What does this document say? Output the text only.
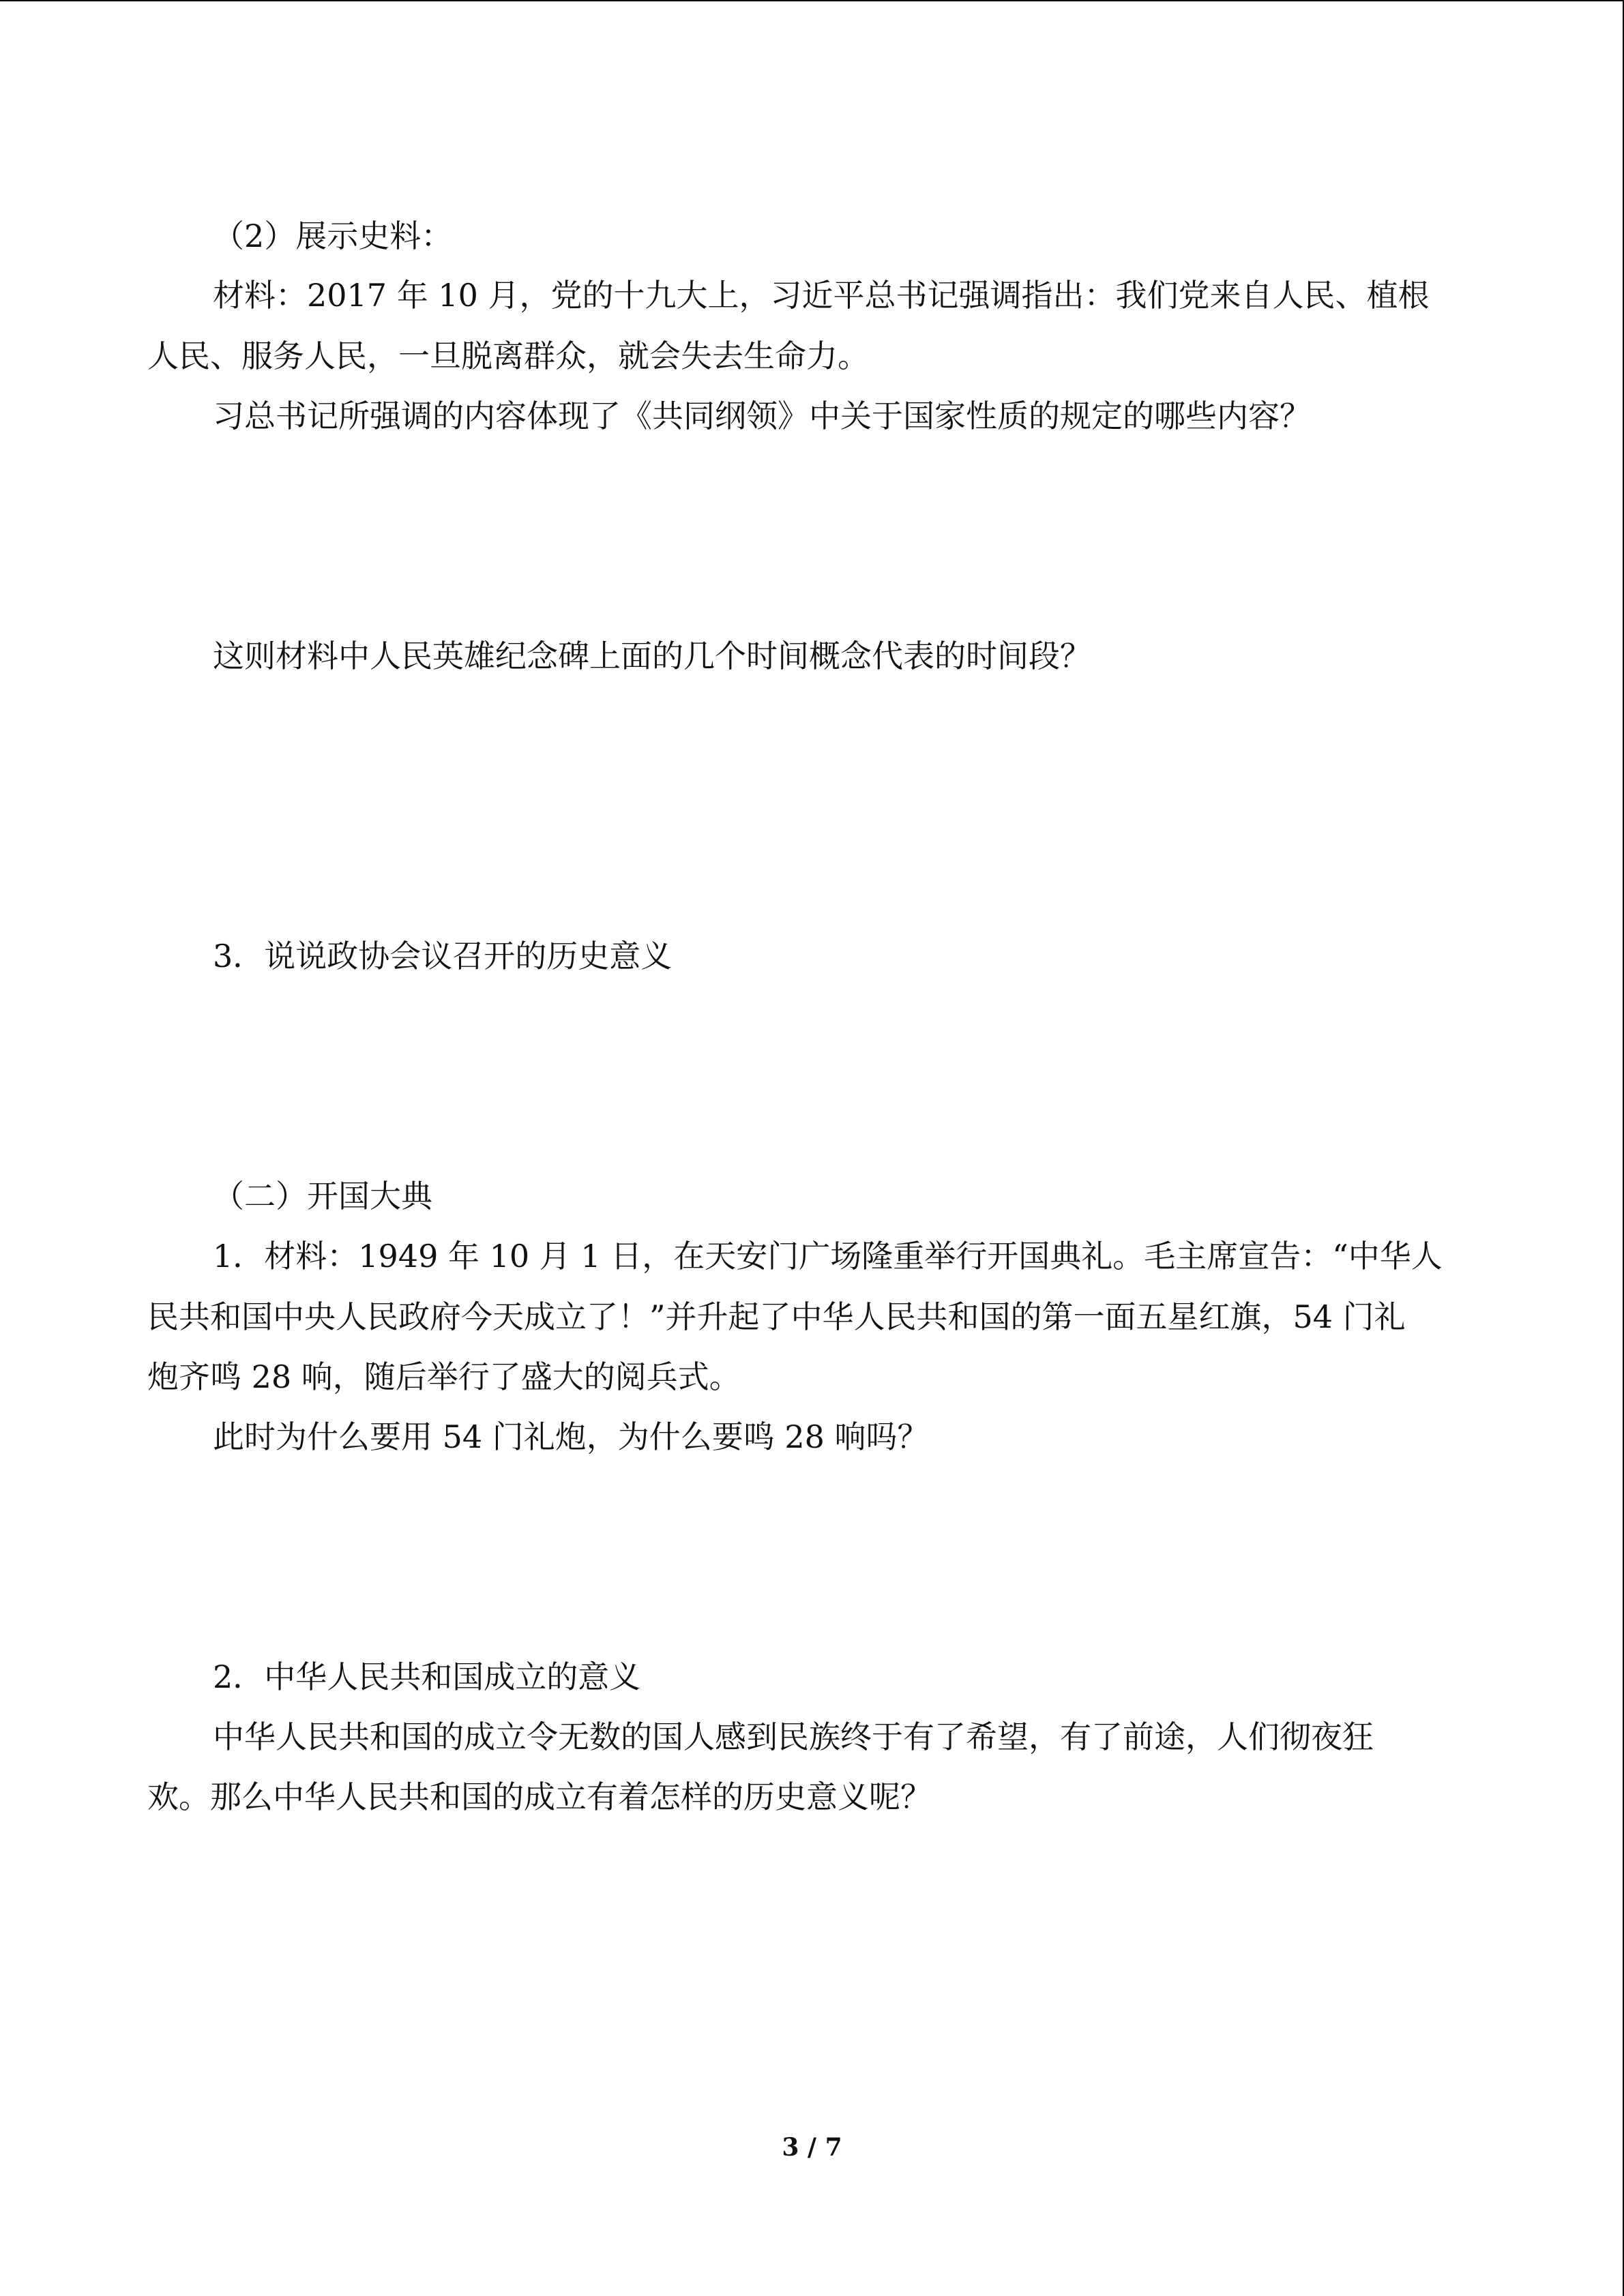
（2）展示史料：

材料：2017 年 10 月，党的十九大上，习近平总书记强调指出：我们党来自人民、植根

人民、服务人民，一旦脱离群众，就会失去生命力。

习总书记所强调的内容体现了《共同纲领》中关于国家性质的规定的哪些内容？

这则材料中人民英雄纪念碑上面的几个时间概念代表的时间段？

3．说说政协会议召开的历史意义

（二）开国大典

1．材料：1949 年 10 月 1 日，在天安门广场隆重举行开国典礼。毛主席宣告：“中华人

民共和国中央人民政府今天成立了！”并升起了中华人民共和国的第一面五星红旗，54 门礼

炮齐鸣 28 响，随后举行了盛大的阅兵式。

此时为什么要用 54 门礼炮，为什么要鸣 28 响吗？

2．中华人民共和国成立的意义

中华人民共和国的成立令无数的国人感到民族终于有了希望，有了前途，人们彻夜狂

欢。那么中华人民共和国的成立有着怎样的历史意义呢？

3 / 7
